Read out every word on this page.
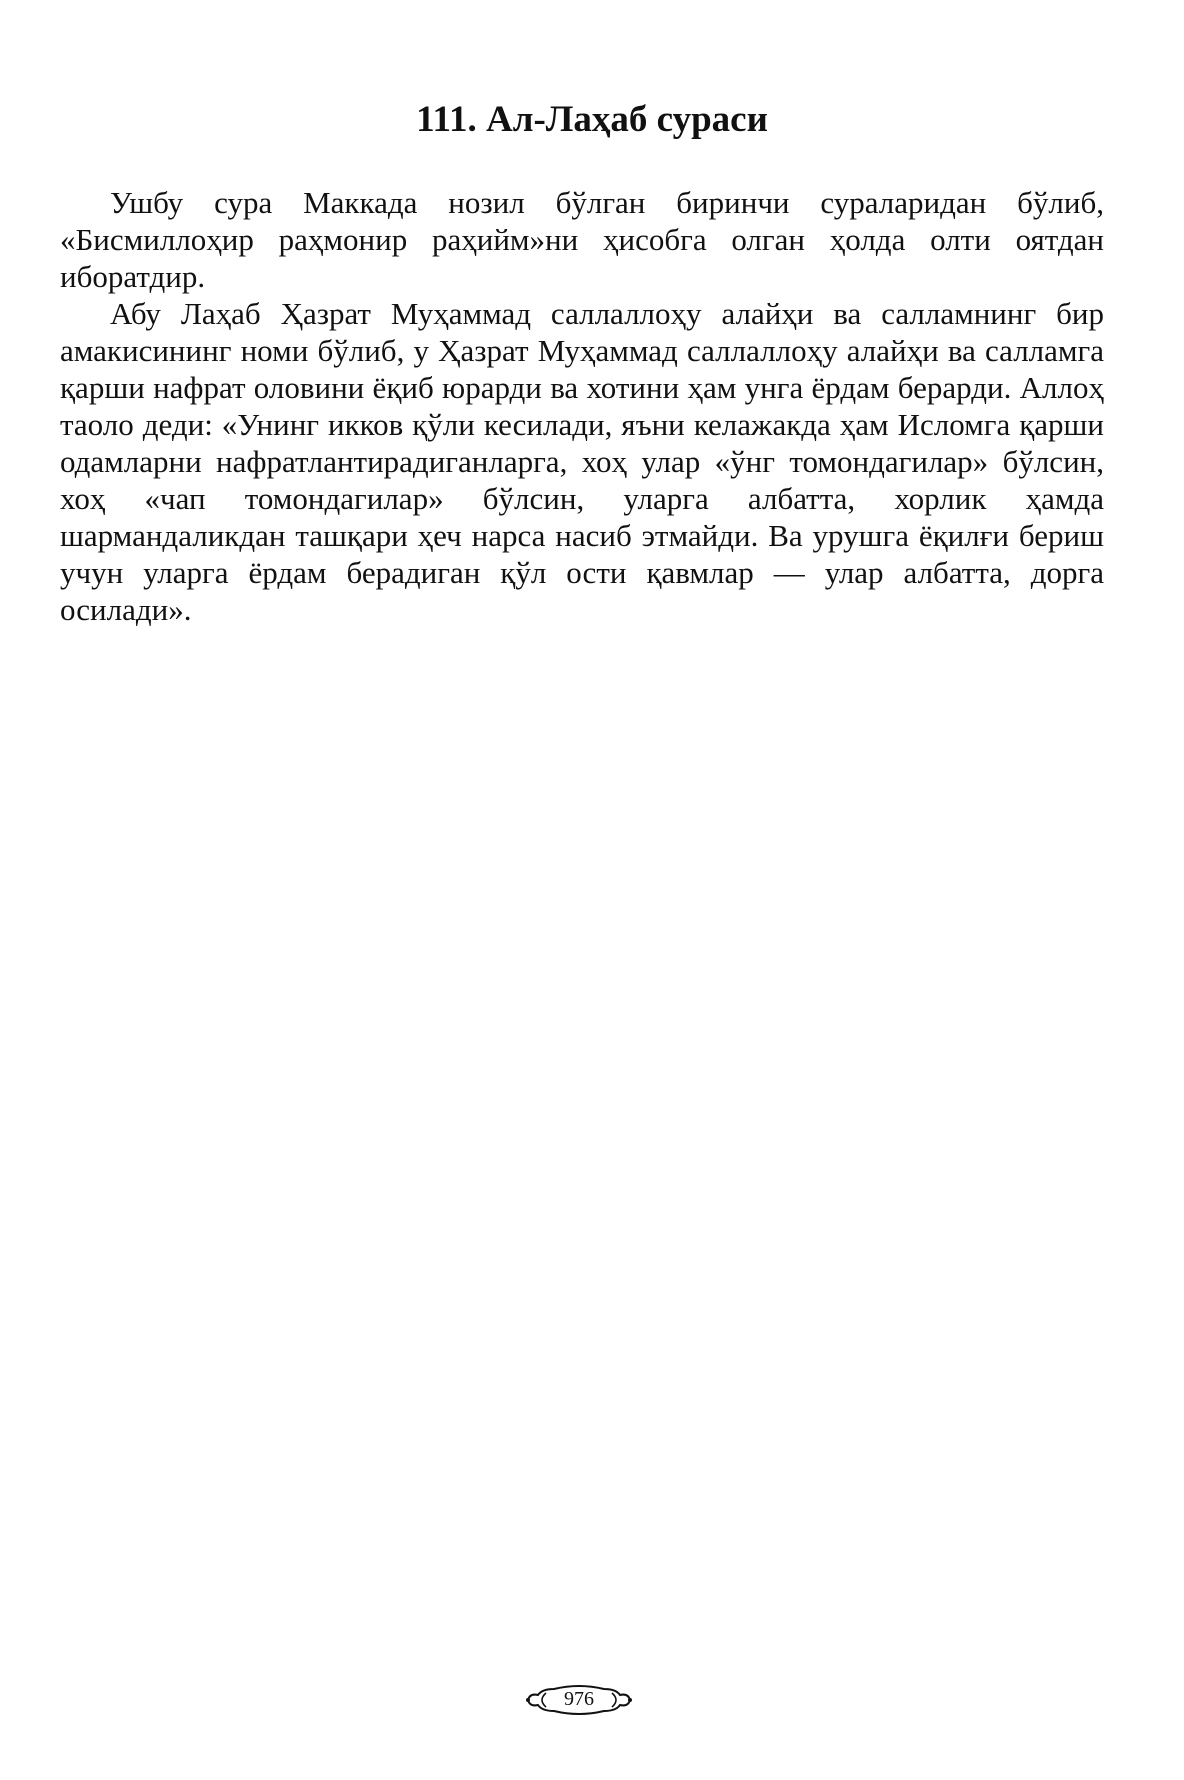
111. Ал-Лаҳаб сураси

Ушбу сура Маккада нозил бўлган биринчи сураларидан бўлиб, «Бисмиллоҳир раҳмонир раҳийм»ни ҳисобга олган ҳолда олти оятдан иборатдир.

Абу Лаҳаб Ҳазрат Муҳаммад саллаллоҳу алайҳи ва салламнинг бир амакисининг номи бўлиб, у Ҳазрат Муҳаммад саллаллоҳу алайҳи ва салламга қарши нафрат оловини ёқиб юрарди ва хотини ҳам унга ёрдам берарди. Аллоҳ таоло деди: «Унинг икков қўли кесилади, яъни келажакда ҳам Исломга қарши одамларни нафратлантирадиганларга, хоҳ улар «ўнг томондагилар» бўлсин, хоҳ «чап томондагилар» бўлсин, уларга албатта, хорлик ҳамда шармандаликдан ташқари ҳеч нарса насиб этмайди. Ва урушга ёқилғи бериш учун уларга ёрдам берадиган қўл ости қавмлар — улар албатта, дорга осилади».

976
